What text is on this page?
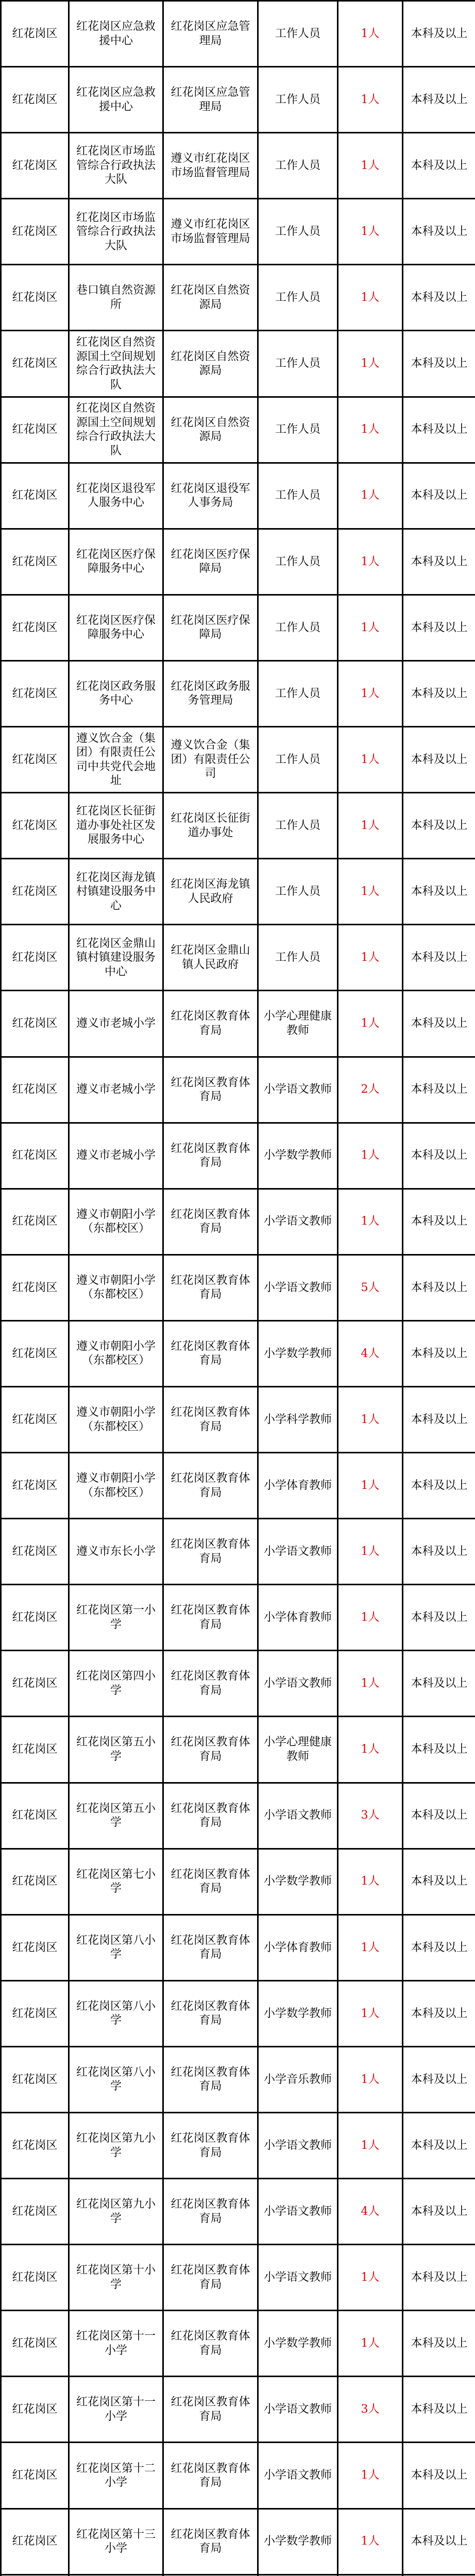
红花岗区	红花岗区应急救援中心	红花岗区应急管理局	工作人员	1人	本科及以上
红花岗区	红花岗区应急救援中心	红花岗区应急管理局	工作人员	1人	本科及以上
红花岗区	红花岗区市场监管综合行政执法大队	遵义市红花岗区市场监督管理局	工作人员	1人	本科及以上
红花岗区	红花岗区市场监管综合行政执法大队	遵义市红花岗区市场监督管理局	工作人员	1人	本科及以上
红花岗区	巷口镇自然资源所	红花岗区自然资源局	工作人员	1人	本科及以上
红花岗区	红花岗区自然资源国土空间规划综合行政执法大队	红花岗区自然资源局	工作人员	1人	本科及以上
红花岗区	红花岗区自然资源国土空间规划综合行政执法大队	红花岗区自然资源局	工作人员	1人	本科及以上
红花岗区	红花岗区退役军人服务中心	红花岗区退役军人事务局	工作人员	1人	本科及以上
红花岗区	红花岗区医疗保障服务中心	红花岗区医疗保障局	工作人员	1人	本科及以上
红花岗区	红花岗区医疗保障服务中心	红花岗区医疗保障局	工作人员	1人	本科及以上
红花岗区	红花岗区政务服务中心	红花岗区政务服务管理局	工作人员	1人	本科及以上
红花岗区	遵义饮合金（集团）有限责任公司中共党代会地址	遵义饮合金（集团）有限责任公司	工作人员	1人	本科及以上
红花岗区	红花岗区长征街道办事处社区发展服务中心	红花岗区长征街道办事处	工作人员	1人	本科及以上
红花岗区	红花岗区海龙镇村镇建设服务中心	红花岗区海龙镇人民政府	工作人员	1人	本科及以上
红花岗区	红花岗区金鼎山镇村镇建设服务中心	红花岗区金鼎山镇人民政府	工作人员	1人	本科及以上
红花岗区	遵义市老城小学	红花岗区教育体育局	小学心理健康教师	1人	本科及以上
红花岗区	遵义市老城小学	红花岗区教育体育局	小学语文教师	2人	本科及以上
红花岗区	遵义市老城小学	红花岗区教育体育局	小学数学教师	1人	本科及以上
红花岗区	遵义市朝阳小学（东都校区）	红花岗区教育体育局	小学语文教师	1人	本科及以上
红花岗区	遵义市朝阳小学（东都校区）	红花岗区教育体育局	小学语文教师	5人	本科及以上
红花岗区	遵义市朝阳小学（东都校区）	红花岗区教育体育局	小学数学教师	4人	本科及以上
红花岗区	遵义市朝阳小学（东都校区）	红花岗区教育体育局	小学科学教师	1人	本科及以上
红花岗区	遵义市朝阳小学（东都校区）	红花岗区教育体育局	小学体育教师	1人	本科及以上
红花岗区	遵义市东长小学	红花岗区教育体育局	小学语文教师	1人	本科及以上
红花岗区	红花岗区第一小学	红花岗区教育体育局	小学体育教师	1人	本科及以上
红花岗区	红花岗区第四小学	红花岗区教育体育局	小学语文教师	1人	本科及以上
红花岗区	红花岗区第五小学	红花岗区教育体育局	小学心理健康教师	1人	本科及以上
红花岗区	红花岗区第五小学	红花岗区教育体育局	小学语文教师	3人	本科及以上
红花岗区	红花岗区第七小学	红花岗区教育体育局	小学数学教师	1人	本科及以上
红花岗区	红花岗区第八小学	红花岗区教育体育局	小学体育教师	1人	本科及以上
红花岗区	红花岗区第八小学	红花岗区教育体育局	小学数学教师	1人	本科及以上
红花岗区	红花岗区第八小学	红花岗区教育体育局	小学音乐教师	1人	本科及以上
红花岗区	红花岗区第九小学	红花岗区教育体育局	小学语文教师	1人	本科及以上
红花岗区	红花岗区第九小学	红花岗区教育体育局	小学语文教师	4人	本科及以上
红花岗区	红花岗区第十小学	红花岗区教育体育局	小学语文教师	1人	本科及以上
红花岗区	红花岗区第十一小学	红花岗区教育体育局	小学数学教师	1人	本科及以上
红花岗区	红花岗区第十一小学	红花岗区教育体育局	小学语文教师	3人	本科及以上
红花岗区	红花岗区第十二小学	红花岗区教育体育局	小学语文教师	1人	本科及以上
红花岗区	红花岗区第十三小学	红花岗区教育体育局	小学数学教师	1人	本科及以上
